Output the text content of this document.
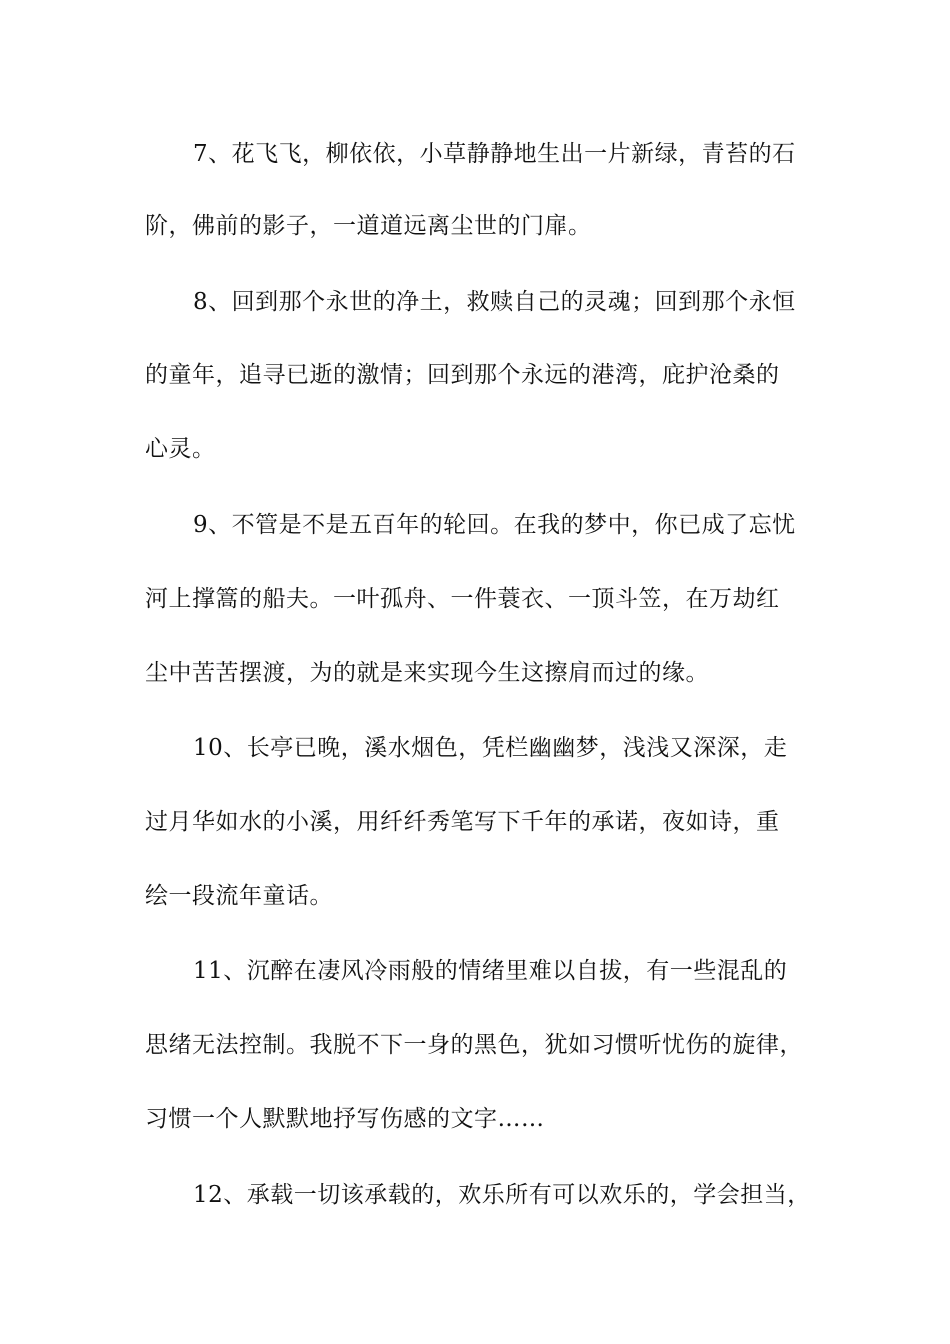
7、花飞飞，柳依依，小草静静地生出一片新绿，青苔的石
阶，佛前的影子，一道道远离尘世的门扉。
8、回到那个永世的净土，救赎自己的灵魂；回到那个永恒
的童年，追寻已逝的激情；回到那个永远的港湾，庇护沧桑的
心灵。
9、不管是不是五百年的轮回。在我的梦中，你已成了忘忧
河上撑篙的船夫。一叶孤舟、一件蓑衣、一顶斗笠，在万劫红
尘中苦苦摆渡，为的就是来实现今生这擦肩而过的缘。
10、长亭已晚，溪水烟色，凭栏幽幽梦，浅浅又深深，走
过月华如水的小溪，用纤纤秀笔写下千年的承诺，夜如诗，重
绘一段流年童话。
11、沉醉在凄风冷雨般的情绪里难以自拔，有一些混乱的
思绪无法控制。我脱不下一身的黑色，犹如习惯听忧伤的旋律，
习惯一个人默默地抒写伤感的文字……
12、承载一切该承载的，欢乐所有可以欢乐的，学会担当，
